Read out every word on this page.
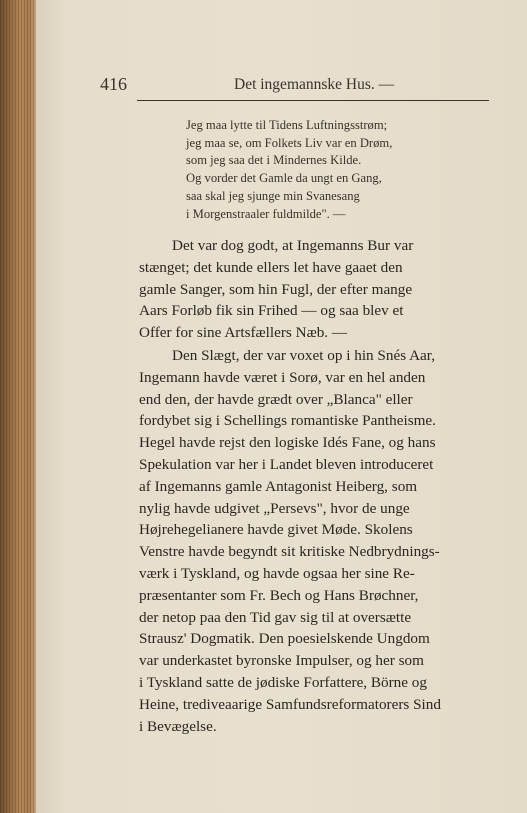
416	Det ingemannske Hus. —
Jeg maa lytte til Tidens Luftningsstrøm;
jeg maa se, om Folkets Liv var en Drøm,
som jeg saa det i Mindernes Kilde.
Og vorder det Gamle da ungt en Gang,
saa skal jeg sjunge min Svanesang
i Morgenstraaler fuldmilde". —
Det var dog godt, at Ingemanns Bur var
stænget; det kunde ellers let have gaaet den
gamle Sanger, som hin Fugl, der efter mange
Aars Forløb fik sin Frihed — og saa blev et
Offer for sine Artsfællers Næb. —
Den Slægt, der var voxet op i hin Snés Aar,
Ingemann havde været i Sorø, var en hel anden
end den, der havde grædt over „Blanca" eller
fordybet sig i Schellings romantiske Pantheisme.
Hegel havde rejst den logiske Idés Fane, og hans
Spekulation var her i Landet bleven introduceret
af Ingemanns gamle Antagonist Heiberg, som
nylig havde udgivet „Persevs", hvor de unge
Højrehegelianere havde givet Møde. Skolens
Venstre havde begyndt sit kritiske Nedbrydnings-
værk i Tyskland, og havde ogsaa her sine Re-
præsentanter som Fr. Bech og Hans Brøchner,
der netop paa den Tid gav sig til at oversætte
Strausz' Dogmatik. Den poesielskende Ungdom
var underkastet byronske Impulser, og her som
i Tyskland satte de jødiske Forfattere, Börne og
Heine, trediveaarige Samfundsreformatorers Sind
i Bevægelse.
